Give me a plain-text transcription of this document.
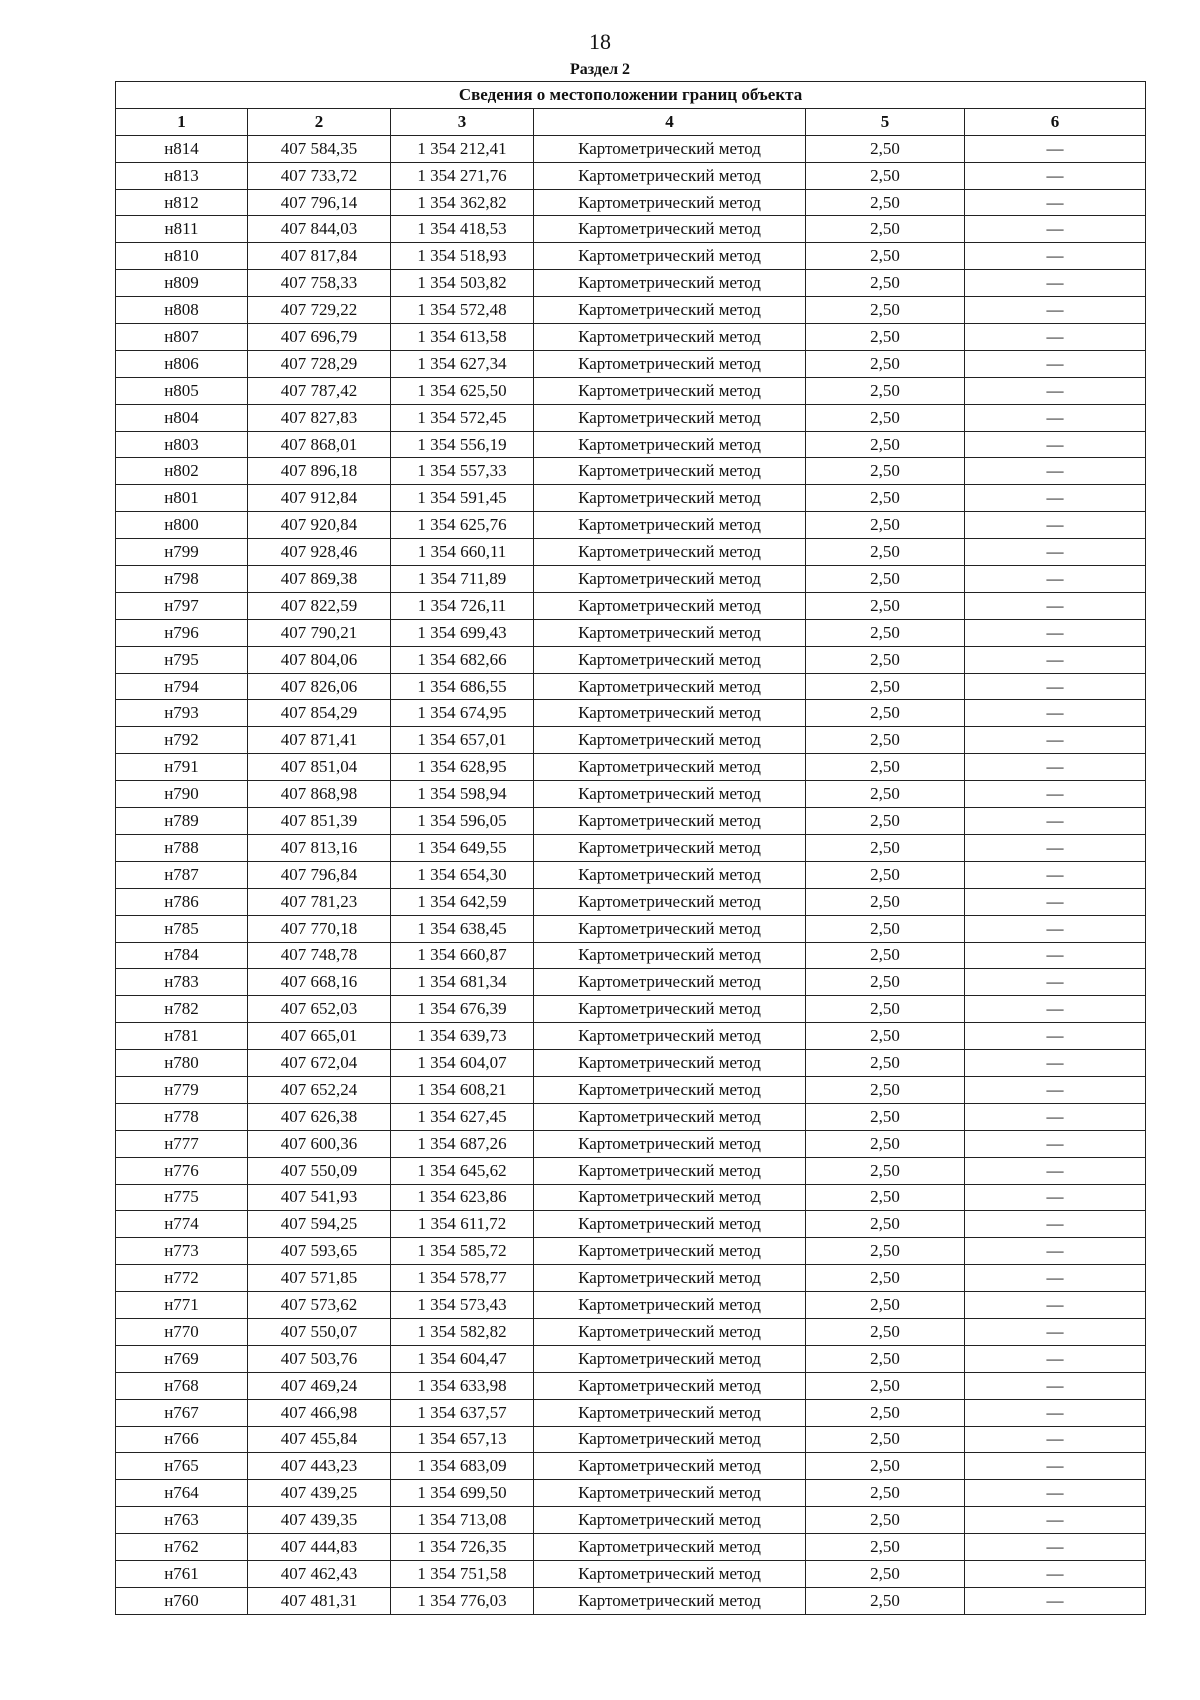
18
Раздел 2
Сведения о местоположении границ объекта					
1	2	3	4	5	6
н814	407 584,35	1 354 212,41	Картометрический метод	2,50	—
н813	407 733,72	1 354 271,76	Картометрический метод	2,50	—
н812	407 796,14	1 354 362,82	Картометрический метод	2,50	—
н811	407 844,03	1 354 418,53	Картометрический метод	2,50	—
н810	407 817,84	1 354 518,93	Картометрический метод	2,50	—
н809	407 758,33	1 354 503,82	Картометрический метод	2,50	—
н808	407 729,22	1 354 572,48	Картометрический метод	2,50	—
н807	407 696,79	1 354 613,58	Картометрический метод	2,50	—
н806	407 728,29	1 354 627,34	Картометрический метод	2,50	—
н805	407 787,42	1 354 625,50	Картометрический метод	2,50	—
н804	407 827,83	1 354 572,45	Картометрический метод	2,50	—
н803	407 868,01	1 354 556,19	Картометрический метод	2,50	—
н802	407 896,18	1 354 557,33	Картометрический метод	2,50	—
н801	407 912,84	1 354 591,45	Картометрический метод	2,50	—
н800	407 920,84	1 354 625,76	Картометрический метод	2,50	—
н799	407 928,46	1 354 660,11	Картометрический метод	2,50	—
н798	407 869,38	1 354 711,89	Картометрический метод	2,50	—
н797	407 822,59	1 354 726,11	Картометрический метод	2,50	—
н796	407 790,21	1 354 699,43	Картометрический метод	2,50	—
н795	407 804,06	1 354 682,66	Картометрический метод	2,50	—
н794	407 826,06	1 354 686,55	Картометрический метод	2,50	—
н793	407 854,29	1 354 674,95	Картометрический метод	2,50	—
н792	407 871,41	1 354 657,01	Картометрический метод	2,50	—
н791	407 851,04	1 354 628,95	Картометрический метод	2,50	—
н790	407 868,98	1 354 598,94	Картометрический метод	2,50	—
н789	407 851,39	1 354 596,05	Картометрический метод	2,50	—
н788	407 813,16	1 354 649,55	Картометрический метод	2,50	—
н787	407 796,84	1 354 654,30	Картометрический метод	2,50	—
н786	407 781,23	1 354 642,59	Картометрический метод	2,50	—
н785	407 770,18	1 354 638,45	Картометрический метод	2,50	—
н784	407 748,78	1 354 660,87	Картометрический метод	2,50	—
н783	407 668,16	1 354 681,34	Картометрический метод	2,50	—
н782	407 652,03	1 354 676,39	Картометрический метод	2,50	—
н781	407 665,01	1 354 639,73	Картометрический метод	2,50	—
н780	407 672,04	1 354 604,07	Картометрический метод	2,50	—
н779	407 652,24	1 354 608,21	Картометрический метод	2,50	—
н778	407 626,38	1 354 627,45	Картометрический метод	2,50	—
н777	407 600,36	1 354 687,26	Картометрический метод	2,50	—
н776	407 550,09	1 354 645,62	Картометрический метод	2,50	—
н775	407 541,93	1 354 623,86	Картометрический метод	2,50	—
н774	407 594,25	1 354 611,72	Картометрический метод	2,50	—
н773	407 593,65	1 354 585,72	Картометрический метод	2,50	—
н772	407 571,85	1 354 578,77	Картометрический метод	2,50	—
н771	407 573,62	1 354 573,43	Картометрический метод	2,50	—
н770	407 550,07	1 354 582,82	Картометрический метод	2,50	—
н769	407 503,76	1 354 604,47	Картометрический метод	2,50	—
н768	407 469,24	1 354 633,98	Картометрический метод	2,50	—
н767	407 466,98	1 354 637,57	Картометрический метод	2,50	—
н766	407 455,84	1 354 657,13	Картометрический метод	2,50	—
н765	407 443,23	1 354 683,09	Картометрический метод	2,50	—
н764	407 439,25	1 354 699,50	Картометрический метод	2,50	—
н763	407 439,35	1 354 713,08	Картометрический метод	2,50	—
н762	407 444,83	1 354 726,35	Картометрический метод	2,50	—
н761	407 462,43	1 354 751,58	Картометрический метод	2,50	—
н760	407 481,31	1 354 776,03	Картометрический метод	2,50	—
